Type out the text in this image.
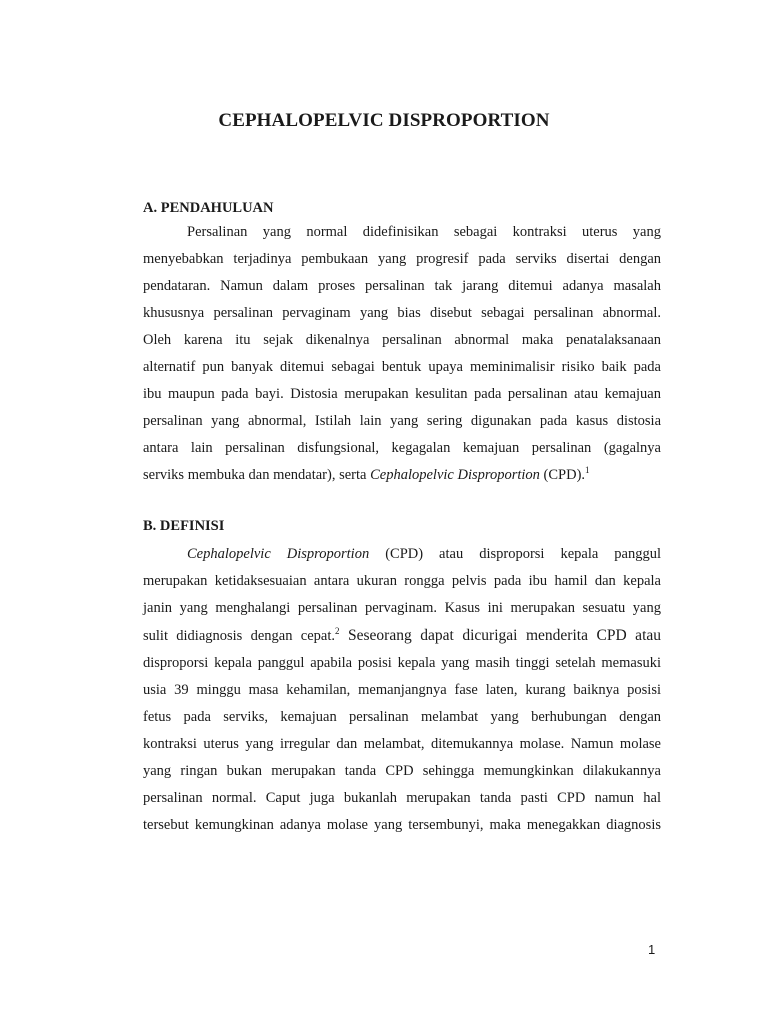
CEPHALOPELVIC DISPROPORTION
A. PENDAHULUAN
Persalinan yang normal didefinisikan sebagai kontraksi uterus yang
menyebabkan terjadinya pembukaan yang progresif pada serviks disertai dengan
pendataran. Namun dalam proses persalinan tak jarang ditemui adanya masalah
khususnya persalinan pervaginam yang bias disebut sebagai persalinan abnormal.
Oleh karena itu sejak dikenalnya persalinan abnormal maka penatalaksanaan
alternatif pun banyak ditemui sebagai bentuk upaya meminimalisir risiko baik pada
ibu maupun pada bayi. Distosia merupakan kesulitan pada persalinan atau kemajuan
persalinan yang abnormal, Istilah lain yang sering digunakan pada kasus distosia
antara lain persalinan disfungsional, kegagalan kemajuan persalinan (gagalnya
serviks membuka dan mendatar), serta Cephalopelvic Disproportion (CPD).$^1$
B. DEFINISI
Cephalopelvic Disproportion (CPD) atau disproporsi kepala panggul
merupakan ketidaksesuaian antara ukuran rongga pelvis pada ibu hamil dan kepala
janin yang menghalangi persalinan pervaginam. Kasus ini merupakan sesuatu yang
sulit didiagnosis dengan cepat.$^2$ Seseorang dapat dicurigai menderita CPD atau
disproporsi kepala panggul apabila posisi kepala yang masih tinggi setelah memasuki
usia 39 minggu masa kehamilan, memanjangnya fase laten, kurang baiknya posisi
fetus pada serviks, kemajuan persalinan melambat yang berhubungan dengan
kontraksi uterus yang irregular dan melambat, ditemukannya molase. Namun molase
yang ringan bukan merupakan tanda CPD sehingga memungkinkan dilakukannya
persalinan normal. Caput juga bukanlah merupakan tanda pasti CPD namun hal
tersebut kemungkinan adanya molase yang tersembunyi, maka menegakkan diagnosis
1
